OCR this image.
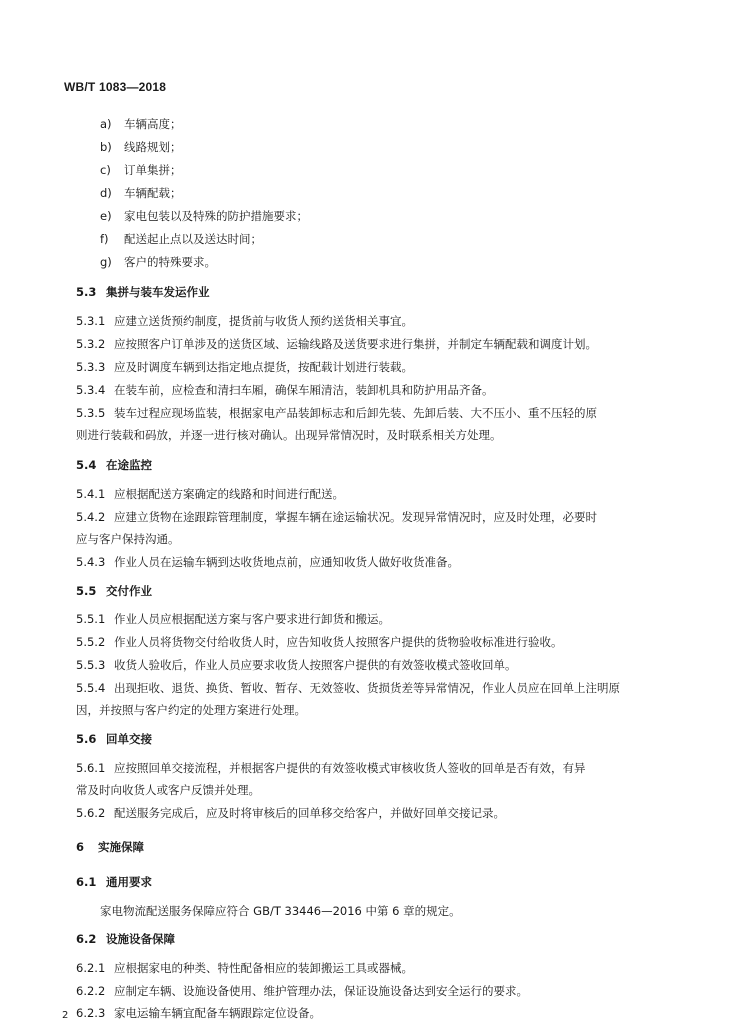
WB/T 1083—2018
a) 车辆高度；
b) 线路规划；
c) 订单集拼；
d) 车辆配载；
e) 家电包装以及特殊的防护措施要求；
f) 配送起止点以及送达时间；
g) 客户的特殊要求。
5.3 集拼与装车发运作业
5.3.1 应建立送货预约制度，提货前与收货人预约送货相关事宜。
5.3.2 应按照客户订单涉及的送货区域、运输线路及送货要求进行集拼，并制定车辆配载和调度计划。
5.3.3 应及时调度车辆到达指定地点提货，按配载计划进行装载。
5.3.4 在装车前，应检查和清扫车厢，确保车厢清洁，装卸机具和防护用品齐备。
5.3.5 装车过程应现场监装，根据家电产品装卸标志和后卸先装、先卸后装、大不压小、重不压轻的原
则进行装载和码放，并逐一进行核对确认。出现异常情况时，及时联系相关方处理。
5.4 在途监控
5.4.1 应根据配送方案确定的线路和时间进行配送。
5.4.2 应建立货物在途跟踪管理制度，掌握车辆在途运输状况。发现异常情况时，应及时处理，必要时
应与客户保持沟通。
5.4.3 作业人员在运输车辆到达收货地点前，应通知收货人做好收货准备。
5.5 交付作业
5.5.1 作业人员应根据配送方案与客户要求进行卸货和搬运。
5.5.2 作业人员将货物交付给收货人时，应告知收货人按照客户提供的货物验收标准进行验收。
5.5.3 收货人验收后，作业人员应要求收货人按照客户提供的有效签收模式签收回单。
5.5.4 出现拒收、退货、换货、暂收、暂存、无效签收、货损货差等异常情况，作业人员应在回单上注明原
因，并按照与客户约定的处理方案进行处理。
5.6 回单交接
5.6.1 应按照回单交接流程，并根据客户提供的有效签收模式审核收货人签收的回单是否有效，有异
常及时向收货人或客户反馈并处理。
5.6.2 配送服务完成后，应及时将审核后的回单移交给客户，并做好回单交接记录。
6 实施保障
6.1 通用要求
家电物流配送服务保障应符合 GB/T 33446—2016 中第 6 章的规定。
6.2 设施设备保障
6.2.1 应根据家电的种类、特性配备相应的装卸搬运工具或器械。
6.2.2 应制定车辆、设施设备使用、维护管理办法，保证设施设备达到安全运行的要求。
6.2.3 家电运输车辆宜配备车辆跟踪定位设备。
2
